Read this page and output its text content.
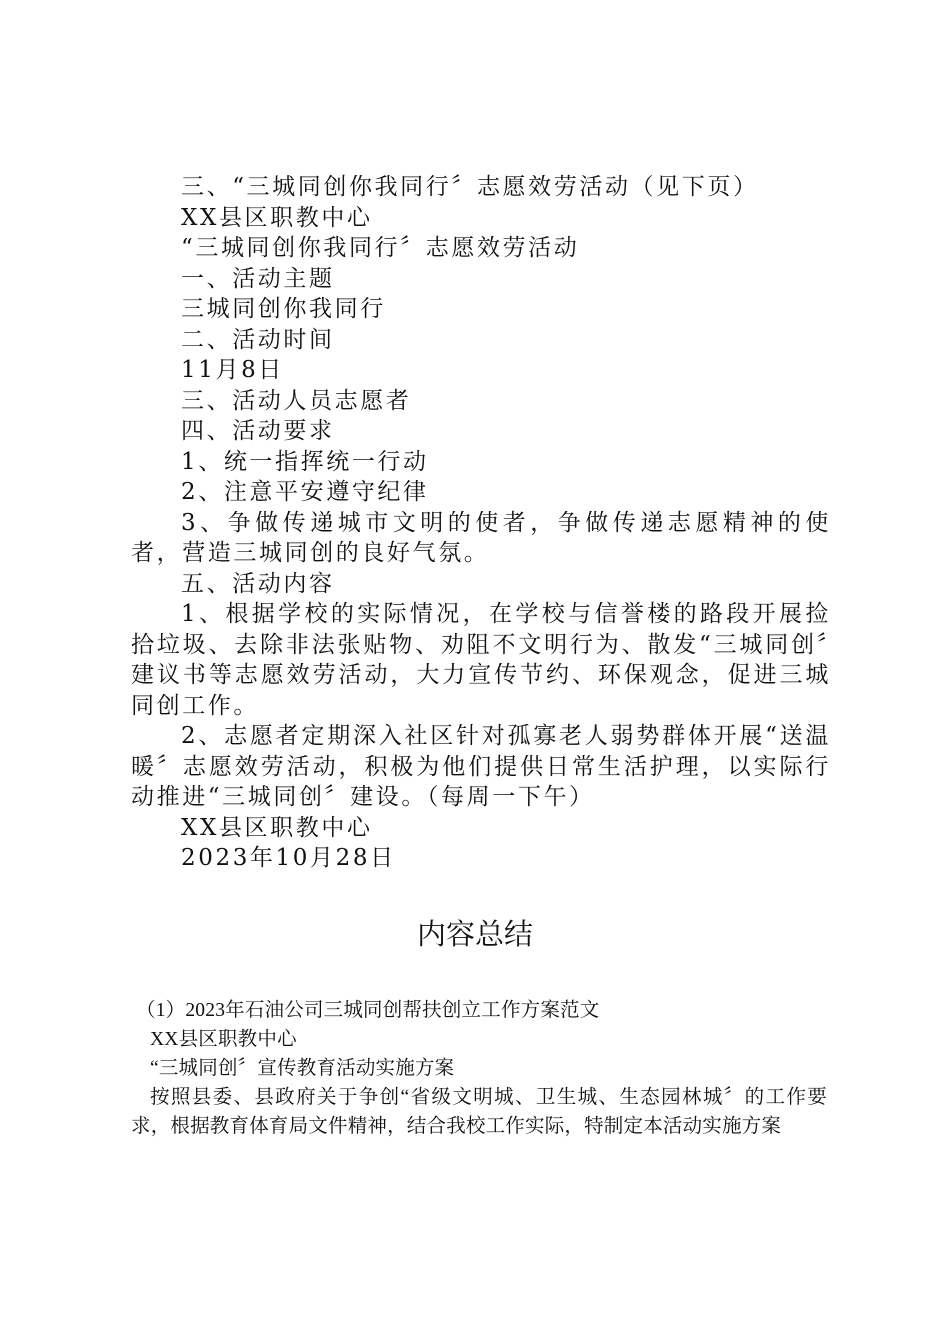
三、“三城同创你我同行〞志愿效劳活动（见下页）

XX县区职教中心

“三城同创你我同行〞志愿效劳活动

一、活动主题

三城同创你我同行

二、活动时间

11月8日

三、活动人员志愿者

四、活动要求

1、统一指挥统一行动

2、注意平安遵守纪律

3、争做传递城市文明的使者，争做传递志愿精神的使者，营造三城同创的良好气氛。

五、活动内容

1、根据学校的实际情况，在学校与信誉楼的路段开展捡拾垃圾、去除非法张贴物、劝阻不文明行为、散发“三城同创〞建议书等志愿效劳活动，大力宣传节约、环保观念，促进三城同创工作。

2、志愿者定期深入社区针对孤寡老人弱势群体开展“送温暖〞志愿效劳活动，积极为他们提供日常生活护理，以实际行动推进“三城同创〞建设。（每周一下午）

XX县区职教中心

2023年10月28日

内容总结

（1）2023年石油公司三城同创帮扶创立工作方案范文

XX县区职教中心

“三城同创〞宣传教育活动实施方案

按照县委、县政府关于争创“省级文明城、卫生城、生态园林城〞的工作要求，根据教育体育局文件精神，结合我校工作实际，特制定本活动实施方案
